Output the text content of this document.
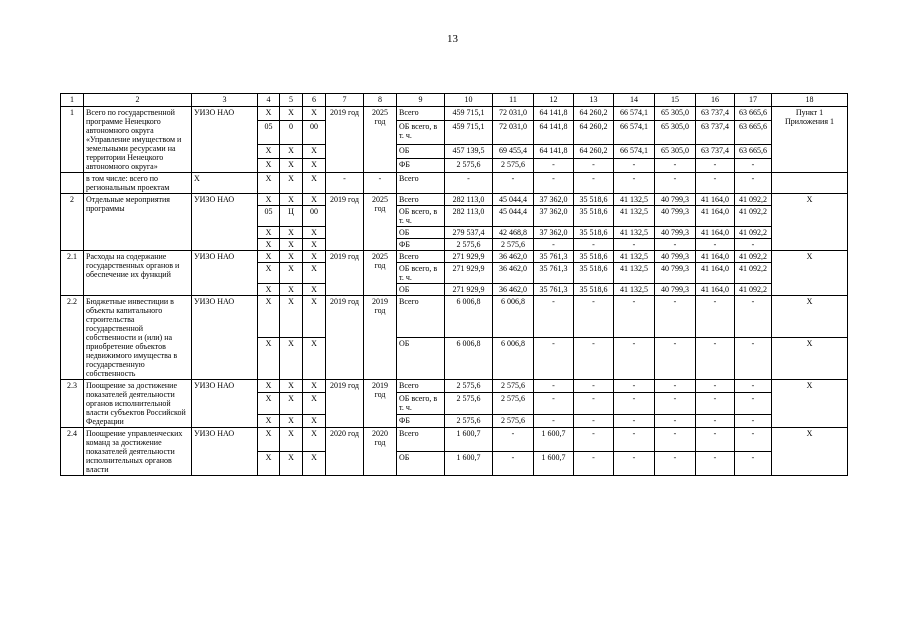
13
1	2	3	4	5	6	7	8	9	10	11	12	13	14	15	16	17	18
1	Всего по государственной программе Ненецкого автономного округа «Управление имуществом и земельными ресурсами на территории Ненецкого автономного округа»	УИЗО НАО	Х	Х	Х	2019 год	2025 год	Всего	459 715,1	72 031,0	64 141,8	64 260,2	66 574,1	65 305,0	63 737,4	63 665,6	Пункт 1 Приложения 1
			05	0	00			ОБ всего, в т. ч.	459 715,1	72 031,0	64 141,8	64 260,2	66 574,1	65 305,0	63 737,4	63 665,6	
			Х	Х	Х			ОБ	457 139,5	69 455,4	64 141,8	64 260,2	66 574,1	65 305,0	63 737,4	63 665,6	
			Х	Х	Х			ФБ	2 575,6	2 575,6	-	-	-	-	-	-	
	в том числе: всего по региональным проектам	Х	Х	Х	Х	-	-	Всего	-	-	-	-	-	-	-	-	
2	Отдельные мероприятия программы	УИЗО НАО	Х	Х	Х	2019 год	2025 год	Всего	282 113,0	45 044,4	37 362,0	35 518,6	41 132,5	40 799,3	41 164,0	41 092,2	Х
			05	Ц	00			ОБ всего, в т. ч.	282 113,0	45 044,4	37 362,0	35 518,6	41 132,5	40 799,3	41 164,0	41 092,2	
			Х	Х	Х			ОБ	279 537,4	42 468,8	37 362,0	35 518,6	41 132,5	40 799,3	41 164,0	41 092,2	
			Х	Х	Х			ФБ	2 575,6	2 575,6	-	-	-	-	-	-	
2.1	Расходы на содержание государственных органов и обеспечение их функций	УИЗО НАО	Х	Х	Х	2019 год	2025 год	Всего	271 929,9	36 462,0	35 761,3	35 518,6	41 132,5	40 799,3	41 164,0	41 092,2	Х
			Х	Х	Х			ОБ всего, в т. ч.	271 929,9	36 462,0	35 761,3	35 518,6	41 132,5	40 799,3	41 164,0	41 092,2	
			Х	Х	Х			ОБ	271 929,9	36 462,0	35 761,3	35 518,6	41 132,5	40 799,3	41 164,0	41 092,2	
2.2	Бюджетные инвестиции в объекты капитального строительства государственной собственности и (или) на приобретение объектов недвижимого имущества в государственную собственность	УИЗО НАО	Х	Х	Х	2019 год	2019 год	Всего	6 006,8	6 006,8	-	-	-	-	-	-	Х
			Х	Х	Х			ОБ	6 006,8	6 006,8	-	-	-	-	-	-	Х
2.3	Поощрение за достижение показателей деятельности органов исполнительной власти субъектов Российской Федерации	УИЗО НАО	Х	Х	Х	2019 год	2019 год	Всего	2 575,6	2 575,6	-	-	-	-	-	-	Х
			Х	Х	Х			ОБ всего, в т. ч.	2 575,6	2 575,6	-	-	-	-	-	-	
			Х	Х	Х			ФБ	2 575,6	2 575,6	-	-	-	-	-	-	
2.4	Поощрение управленческих команд за достижение показателей деятельности исполнительных органов власти	УИЗО НАО	Х	Х	Х	2020 год	2020 год	Всего	1 600,7	-	1 600,7	-	-	-	-	-	Х
			Х	Х	Х			ОБ	1 600,7	-	1 600,7	-	-	-	-	-	
